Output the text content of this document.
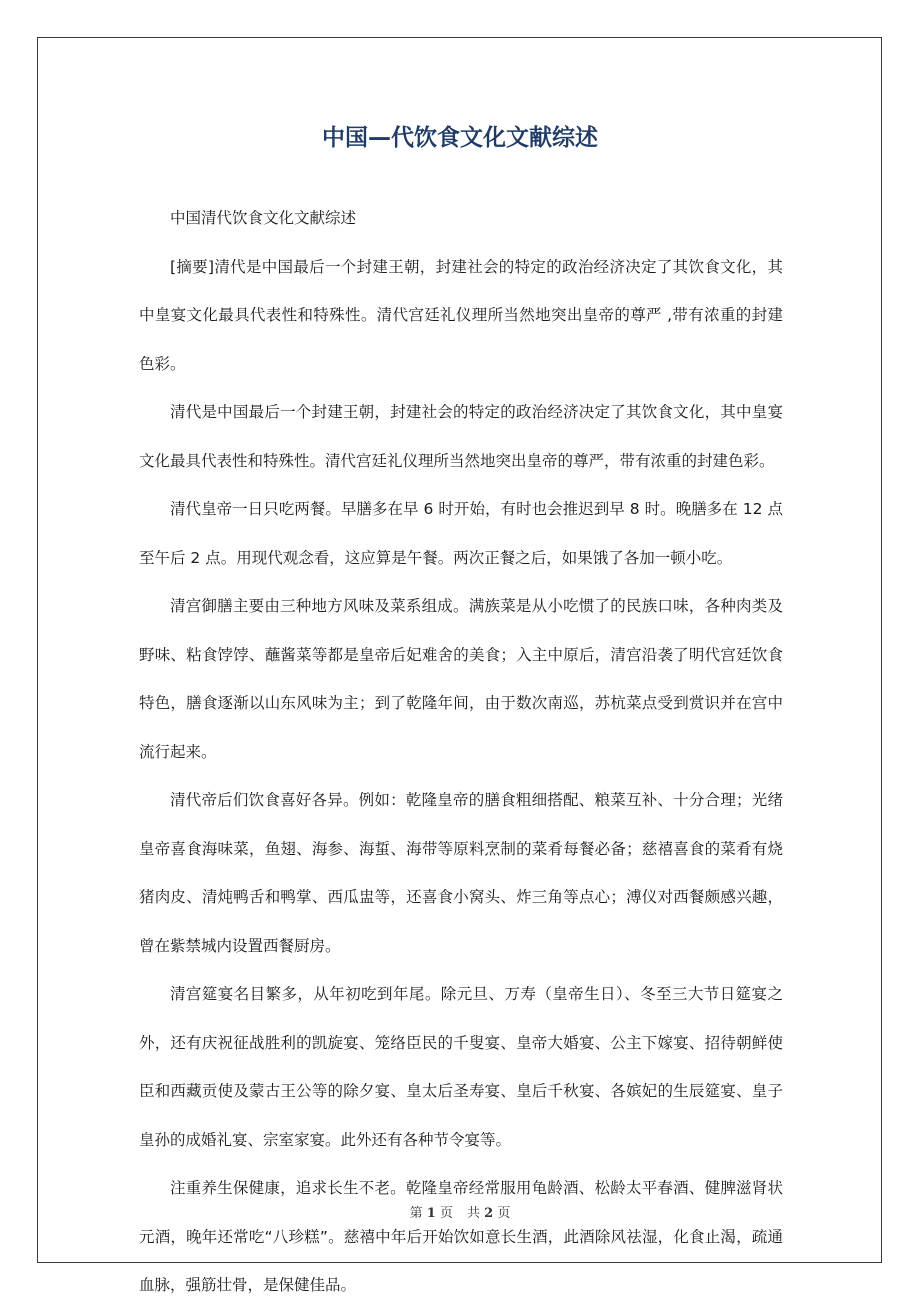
中国—代饮食文化文献综述

中国清代饮食文化文献综述

[摘要]清代是中国最后一个封建王朝，封建社会的特定的政治经济决定了其饮食文化，其中皇宴文化最具代表性和特殊性。清代宫廷礼仪理所当然地突出皇帝的尊严 ,带有浓重的封建色彩。

清代是中国最后一个封建王朝，封建社会的特定的政治经济决定了其饮食文化，其中皇宴文化最具代表性和特殊性。清代宫廷礼仪理所当然地突出皇帝的尊严，带有浓重的封建色彩。

清代皇帝一日只吃两餐。早膳多在早 6 时开始，有时也会推迟到早 8 时。晚膳多在 12 点至午后 2 点。用现代观念看，这应算是午餐。两次正餐之后，如果饿了各加一顿小吃。

清宫御膳主要由三种地方风味及菜系组成。满族菜是从小吃惯了的民族口味，各种肉类及野味、粘食饽饽、蘸酱菜等都是皇帝后妃难舍的美食；入主中原后，清宫沿袭了明代宫廷饮食特色，膳食逐渐以山东风味为主；到了乾隆年间，由于数次南巡，苏杭菜点受到赏识并在宫中流行起来。

清代帝后们饮食喜好各异。例如：乾隆皇帝的膳食粗细搭配、粮菜互补、十分合理；光绪皇帝喜食海味菜，鱼翅、海参、海蜇、海带等原料烹制的菜肴每餐必备；慈禧喜食的菜肴有烧猪肉皮、清炖鸭舌和鸭掌、西瓜盅等，还喜食小窝头、炸三角等点心；溥仪对西餐颇感兴趣，曾在紫禁城内设置西餐厨房。

清宫筵宴名目繁多，从年初吃到年尾。除元旦、万寿（皇帝生日）、冬至三大节日筵宴之外，还有庆祝征战胜利的凯旋宴、笼络臣民的千叟宴、皇帝大婚宴、公主下嫁宴、招待朝鲜使臣和西藏贡使及蒙古王公等的除夕宴、皇太后圣寿宴、皇后千秋宴、各嫔妃的生辰筵宴、皇子皇孙的成婚礼宴、宗室家宴。此外还有各种节令宴等。

注重养生保健康，追求长生不老。乾隆皇帝经常服用龟龄酒、松龄太平春酒、健脾滋肾状元酒，晚年还常吃“八珍糕”。慈禧中年后开始饮如意长生酒，此酒除风祛湿，化食止渴，疏通血脉，强筋壮骨，是保健佳品。

第 1 页 共 2 页
